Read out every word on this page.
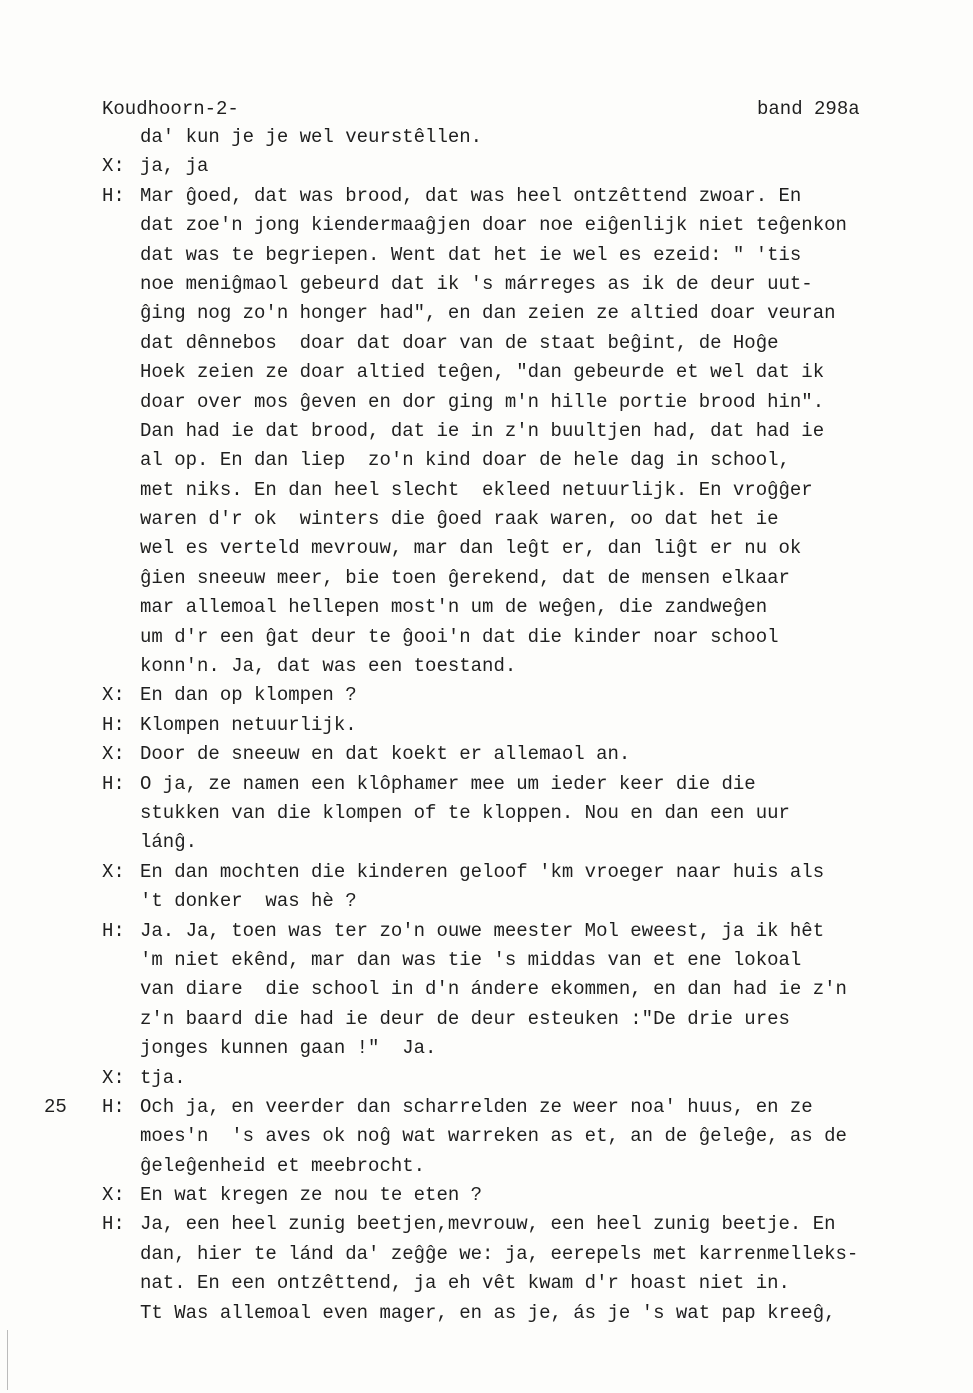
Koudhoorn-2-	band 298a
da' kun je je wel veurstêllen.
X: ja, ja
H: Mar ĝoed, dat was brood, dat was heel ontzêttend zwoar. En
dat zoe'n jong kiendermaaĝjen doar noe eiĝenlijk niet teĝenkon
dat was te begriepen. Went dat het ie wel es ezeid: " 'tis
noe meniĝmaol gebeurd dat ik 's márreges as ik de deur uut-
ĝing nog zo'n honger had", en dan zeien ze altied doar veuran
dat dênnebos  doar dat doar van de staat beĝint, de Hoĝe
Hoek zeien ze doar altied teĝen, "dan gebeurde et wel dat ik
doar over mos ĝeven en dor ging m'n hille portie brood hin".
Dan had ie dat brood, dat ie in z'n buultjen had, dat had ie
al op. En dan liep  zo'n kind doar de hele dag in school,
met niks. En dan heel slecht  ekleed netuurlijk. En vroĝĝer
waren d'r ok  winters die ĝoed raak waren, oo dat het ie
wel es verteld mevrouw, mar dan leĝt er, dan liĝt er nu ok
ĝien sneeuw meer, bie toen ĝerekend, dat de mensen elkaar
mar allemoal hellepen most'n um de weĝen, die zandweĝen
um d'r een ĝat deur te ĝooi'n dat die kinder noar school
konn'n. Ja, dat was een toestand.
X: En dan op klompen ?
H: Klompen netuurlijk.
X: Door de sneeuw en dat koekt er allemaol an.
H: O ja, ze namen een klôphamer mee um ieder keer die die
stukken van die klompen of te kloppen. Nou en dan een uur
lánĝ.
X: En dan mochten die kinderen geloof 'km vroeger naar huis als
't donker  was hè ?
H: Ja. Ja, toen was ter zo'n ouwe meester Mol eweest, ja ik hêt
'm niet ekênd, mar dan was tie 's middas van et ene lokoal
van diare  die school in d'n ándere ekommen, en dan had ie z'n
z'n baard die had ie deur de deur esteuken :"De drie ures
jonges kunnen gaan !"  Ja.
X: tja.
25 H: Och ja, en veerder dan scharrelden ze weer noa' huus, en ze
moes'n  's aves ok noĝ wat warreken as et, an de ĝeleĝe, as de
ĝeleĝenheid et meebrocht.
X: En wat kregen ze nou te eten ?
H: Ja, een heel zunig beetjen,mevrouw, een heel zunig beetje. En
dan, hier te lánd da' zeĝĝe we: ja, eerepels met karrenmelleks-
nat. En een ontzêttend, ja eh vêt kwam d'r hoast niet in.
Tt Was allemoal even mager, en as je, ás je 's wat pap kreeĝ,
